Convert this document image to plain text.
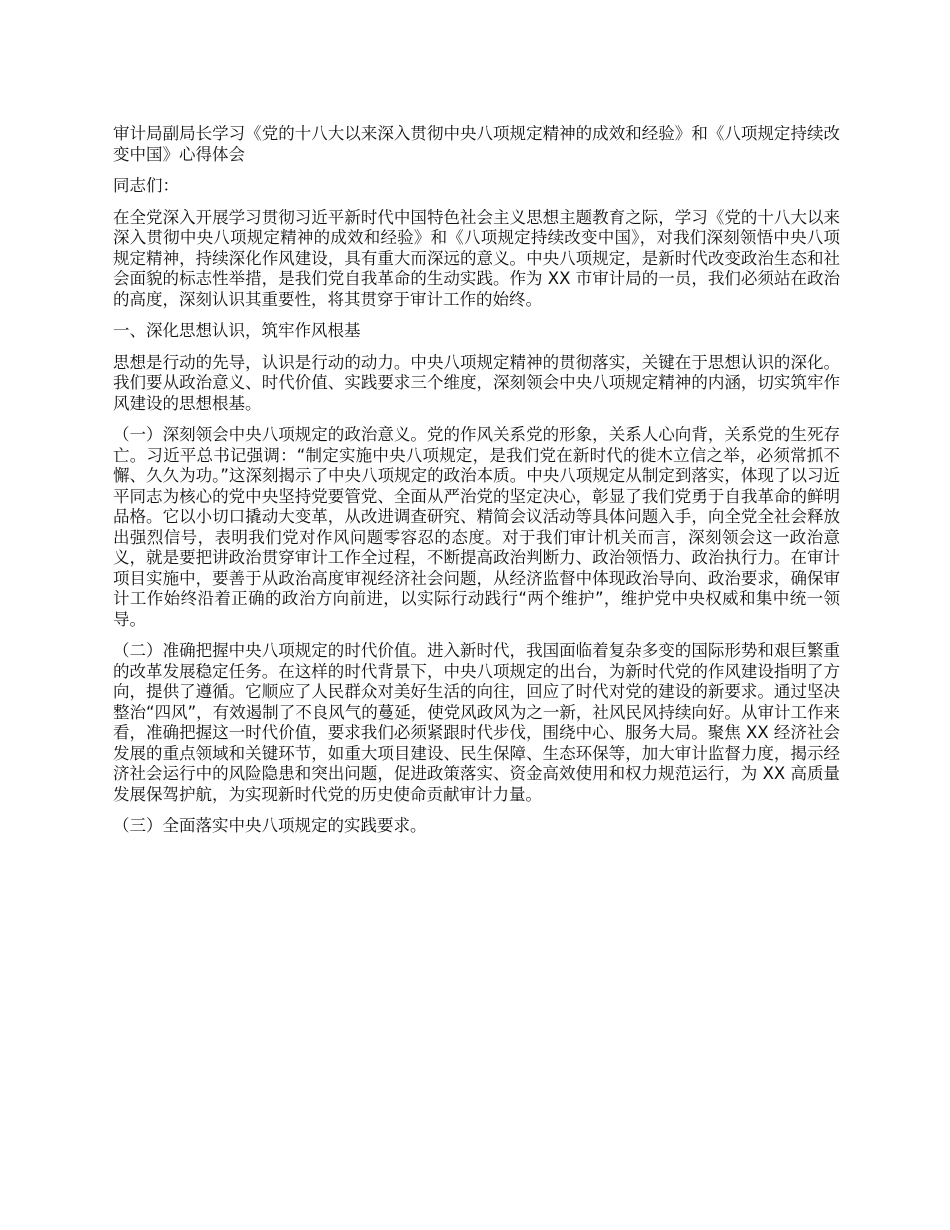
审计局副局长学习《党的十八大以来深入贯彻中央八项规定精神的成效和经验》和《八项规定持续改变中国》心得体会
同志们：
在全党深入开展学习贯彻习近平新时代中国特色社会主义思想主题教育之际，学习《党的十八大以来深入贯彻中央八项规定精神的成效和经验》和《八项规定持续改变中国》，对我们深刻领悟中央八项规定精神，持续深化作风建设，具有重大而深远的意义。中央八项规定，是新时代改变政治生态和社会面貌的标志性举措，是我们党自我革命的生动实践。作为 XX 市审计局的一员，我们必须站在政治的高度，深刻认识其重要性，将其贯穿于审计工作的始终。
一、深化思想认识，筑牢作风根基
思想是行动的先导，认识是行动的动力。中央八项规定精神的贯彻落实，关键在于思想认识的深化。我们要从政治意义、时代价值、实践要求三个维度，深刻领会中央八项规定精神的内涵，切实筑牢作风建设的思想根基。
（一）深刻领会中央八项规定的政治意义。党的作风关系党的形象，关系人心向背，关系党的生死存亡。习近平总书记强调：“制定实施中央八项规定，是我们党在新时代的徙木立信之举，必须常抓不懈、久久为功。”这深刻揭示了中央八项规定的政治本质。中央八项规定从制定到落实，体现了以习近平同志为核心的党中央坚持党要管党、全面从严治党的坚定决心，彰显了我们党勇于自我革命的鲜明品格。它以小切口撬动大变革，从改进调查研究、精简会议活动等具体问题入手，向全党全社会释放出强烈信号，表明我们党对作风问题零容忍的态度。对于我们审计机关而言，深刻领会这一政治意义，就是要把讲政治贯穿审计工作全过程，不断提高政治判断力、政治领悟力、政治执行力。在审计项目实施中，要善于从政治高度审视经济社会问题，从经济监督中体现政治导向、政治要求，确保审计工作始终沿着正确的政治方向前进，以实际行动践行“两个维护”，维护党中央权威和集中统一领导。
（二）准确把握中央八项规定的时代价值。进入新时代，我国面临着复杂多变的国际形势和艰巨繁重的改革发展稳定任务。在这样的时代背景下，中央八项规定的出台，为新时代党的作风建设指明了方向，提供了遵循。它顺应了人民群众对美好生活的向往，回应了时代对党的建设的新要求。通过坚决整治“四风”，有效遏制了不良风气的蔓延，使党风政风为之一新，社风民风持续向好。从审计工作来看，准确把握这一时代价值，要求我们必须紧跟时代步伐，围绕中心、服务大局。聚焦 XX 经济社会发展的重点领域和关键环节，如重大项目建设、民生保障、生态环保等，加大审计监督力度，揭示经济社会运行中的风险隐患和突出问题，促进政策落实、资金高效使用和权力规范运行，为 XX 高质量发展保驾护航，为实现新时代党的历史使命贡献审计力量。
（三）全面落实中央八项规定的实践要求。
